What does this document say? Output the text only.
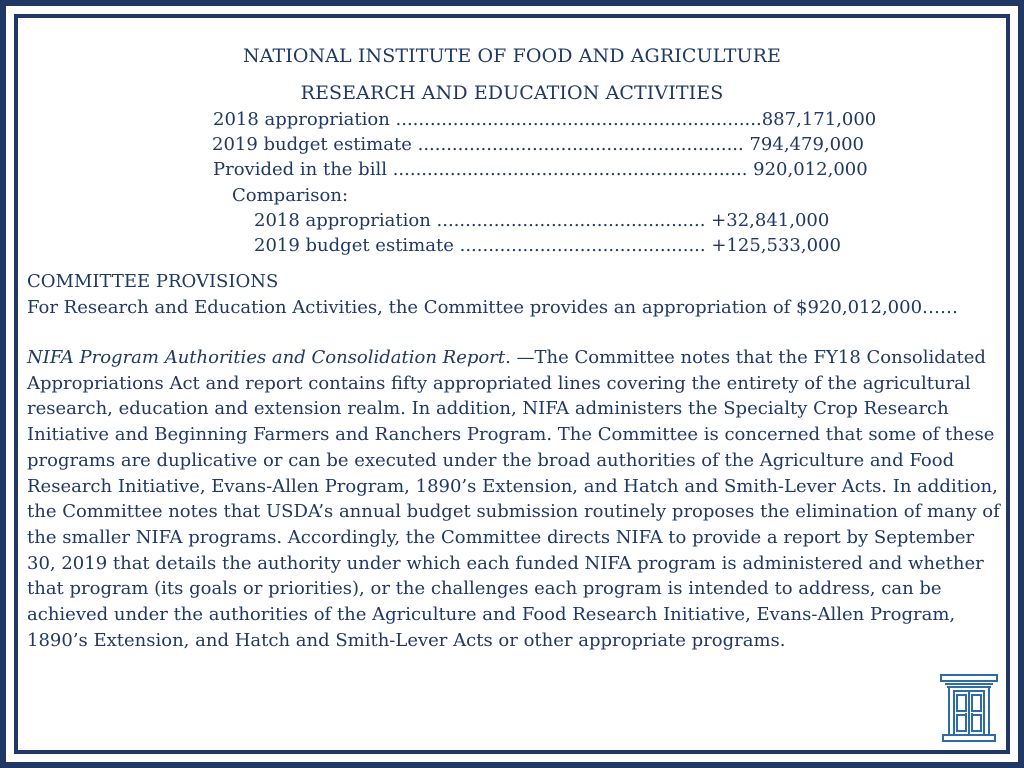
NATIONAL INSTITUTE OF FOOD AND AGRICULTURE
RESEARCH AND EDUCATION ACTIVITIES
2018 appropriation ................................................................887,171,000
2019 budget estimate ......................................................... 794,479,000
Provided in the bill .............................................................. 920,012,000
Comparison:
2018 appropriation ............................................... +32,841,000
2019 budget estimate ........................................... +125,533,000
COMMITTEE PROVISIONS
For Research and Education Activities, the Committee provides an appropriation of $920,012,000……

NIFA Program Authorities and Consolidation Report. —The Committee notes that the FY18 Consolidated Appropriations Act and report contains fifty appropriated lines covering the entirety of the agricultural research, education and extension realm. In addition, NIFA administers the Specialty Crop Research Initiative and Beginning Farmers and Ranchers Program. The Committee is concerned that some of these programs are duplicative or can be executed under the broad authorities of the Agriculture and Food Research Initiative, Evans-Allen Program, 1890’s Extension, and Hatch and Smith-Lever Acts. In addition, the Committee notes that USDA’s annual budget submission routinely proposes the elimination of many of the smaller NIFA programs. Accordingly, the Committee directs NIFA to provide a report by September 30, 2019 that details the authority under which each funded NIFA program is administered and whether that program (its goals or priorities), or the challenges each program is intended to address, can be achieved under the authorities of the Agriculture and Food Research Initiative, Evans-Allen Program, 1890’s Extension, and Hatch and Smith-Lever Acts or other appropriate programs.
